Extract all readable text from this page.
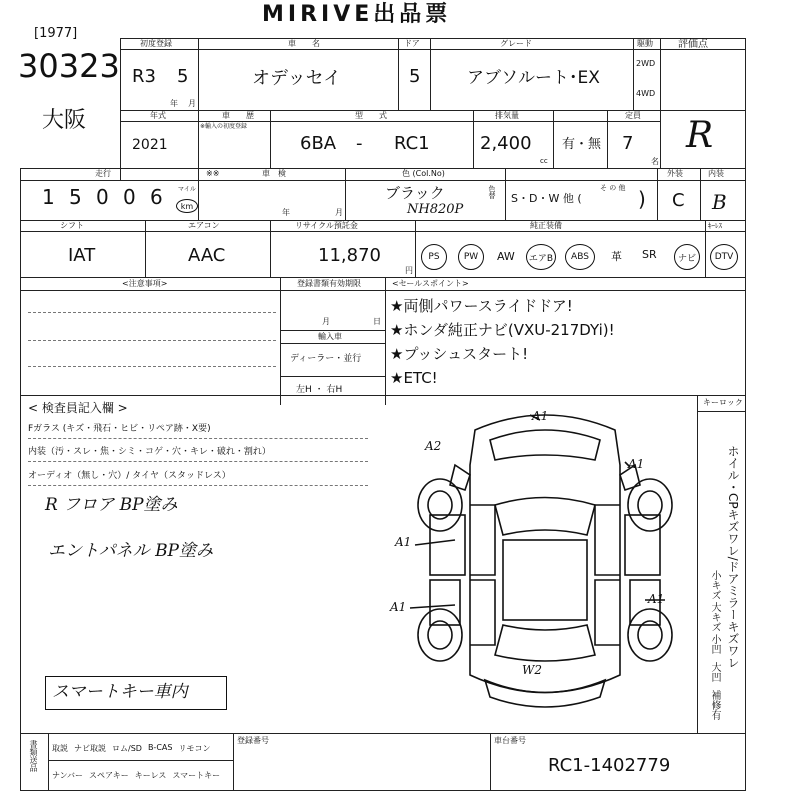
MIRIVE出品票
[1977]
30323
大阪
初度登録
R3 5
年 月
車　　名
オデッセイ
ドア
5
グレード
アブソルート･EX
駆動
2WD
4WD
評価点
R
年式
2021
車　　歴
※輸入の初度登録
型　　式
6BA - RC1
排気量
2,400
cc
有・無
定員
7
名
走行
1 5 0 0 6	マイル
km
※※	車　検
年	月
色 (Col.No)
ブラック
NH820P
色替	そ の 他
S・D・W 他 (	)
外装
C
内装
B
シフト
IAT
エアコン
AAC
リサイクル預託金
11,870
円
純正装備	ｷｰﾚｽ
PS	PW	AW	エアB	ABS	革 SR	ナビ	DTV
<注意事項>	登録書類有効期限
月	日
輸入車
ディーラー・並行
左H ・ 右H
<セールスポイント>
★両側パワースライドドア!
★ホンダ純正ナビ(VXU-217DYi)!
★プッシュスタート!
★ETC!
< 検査員記入欄 >
Fガラス (キズ・飛石・ヒビ・リペア跡・X要)
内装（汚・スレ・焦・シミ・コゲ・穴・キレ・破れ・割れ）
オーディオ（無し・穴）/ タイヤ（スタッドレス）
R フロア BP塗み
エントパネル BP塗み
スマートキー車内
A1
A2
A1
A1
A1
A1
W2
キーロック
ホイル・CPキズワレ/ドアミラーキズワレ
小キズ
大キズ
小凹
大凹
補修有
書類送品 取説 ナビ取説 ロム/SD B-CAS リモコン
ナンバー スペアキー キーレス スマートキー
登録番号	車台番号
RC1-1402779
